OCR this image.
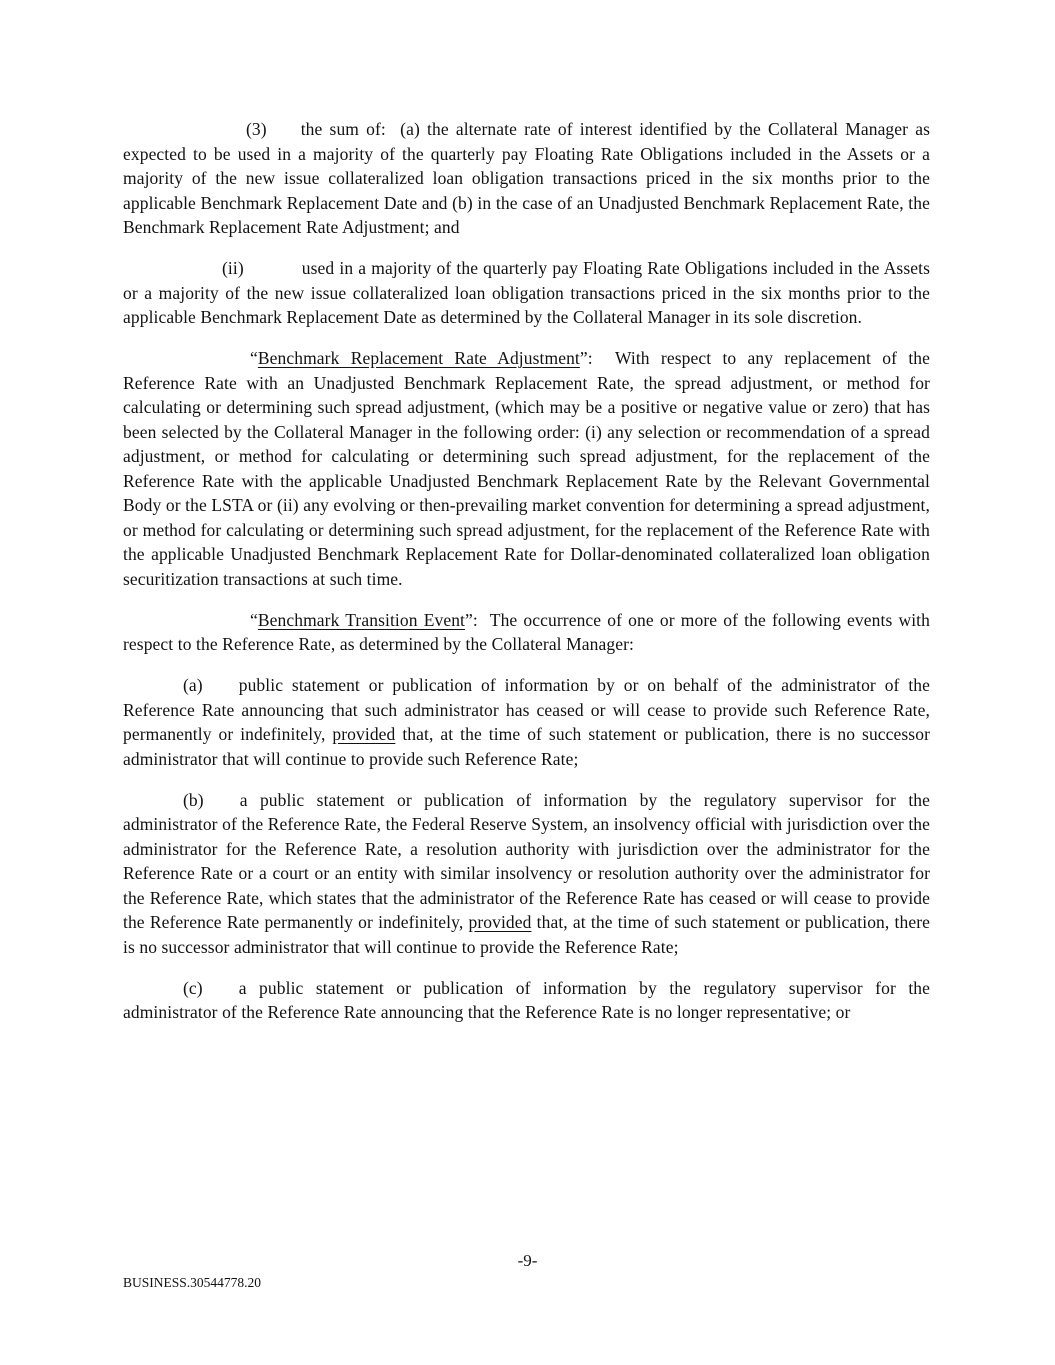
(3) the sum of:  (a) the alternate rate of interest identified by the Collateral Manager as expected to be used in a majority of the quarterly pay Floating Rate Obligations included in the Assets or a majority of the new issue collateralized loan obligation transactions priced in the six months prior to the applicable Benchmark Replacement Date and (b) in the case of an Unadjusted Benchmark Replacement Rate, the Benchmark Replacement Rate Adjustment; and

(ii)	used in a majority of the quarterly pay Floating Rate Obligations included in the Assets or a majority of the new issue collateralized loan obligation transactions priced in the six months prior to the applicable Benchmark Replacement Date as determined by the Collateral Manager in its sole discretion.

“Benchmark Replacement Rate Adjustment”:  With respect to any replacement of the Reference Rate with an Unadjusted Benchmark Replacement Rate, the spread adjustment, or method for calculating or determining such spread adjustment, (which may be a positive or negative value or zero) that has been selected by the Collateral Manager in the following order: (i) any selection or recommendation of a spread adjustment, or method for calculating or determining such spread adjustment, for the replacement of the Reference Rate with the applicable Unadjusted Benchmark Replacement Rate by the Relevant Governmental Body or the LSTA or (ii) any evolving or then-prevailing market convention for determining a spread adjustment, or method for calculating or determining such spread adjustment, for the replacement of the Reference Rate with the applicable Unadjusted Benchmark Replacement Rate for Dollar-denominated collateralized loan obligation securitization transactions at such time.

“Benchmark Transition Event”:  The occurrence of one or more of the following events with respect to the Reference Rate, as determined by the Collateral Manager:

(a) public statement or publication of information by or on behalf of the administrator of the Reference Rate announcing that such administrator has ceased or will cease to provide such Reference Rate, permanently or indefinitely, provided that, at the time of such statement or publication, there is no successor administrator that will continue to provide such Reference Rate;

(b) a public statement or publication of information by the regulatory supervisor for the administrator of the Reference Rate, the Federal Reserve System, an insolvency official with jurisdiction over the administrator for the Reference Rate, a resolution authority with jurisdiction over the administrator for the Reference Rate or a court or an entity with similar insolvency or resolution authority over the administrator for the Reference Rate, which states that the administrator of the Reference Rate has ceased or will cease to provide the Reference Rate permanently or indefinitely, provided that, at the time of such statement or publication, there is no successor administrator that will continue to provide the Reference Rate;

(c) a public statement or publication of information by the regulatory supervisor for the administrator of the Reference Rate announcing that the Reference Rate is no longer representative; or

-9-
BUSINESS.30544778.20
